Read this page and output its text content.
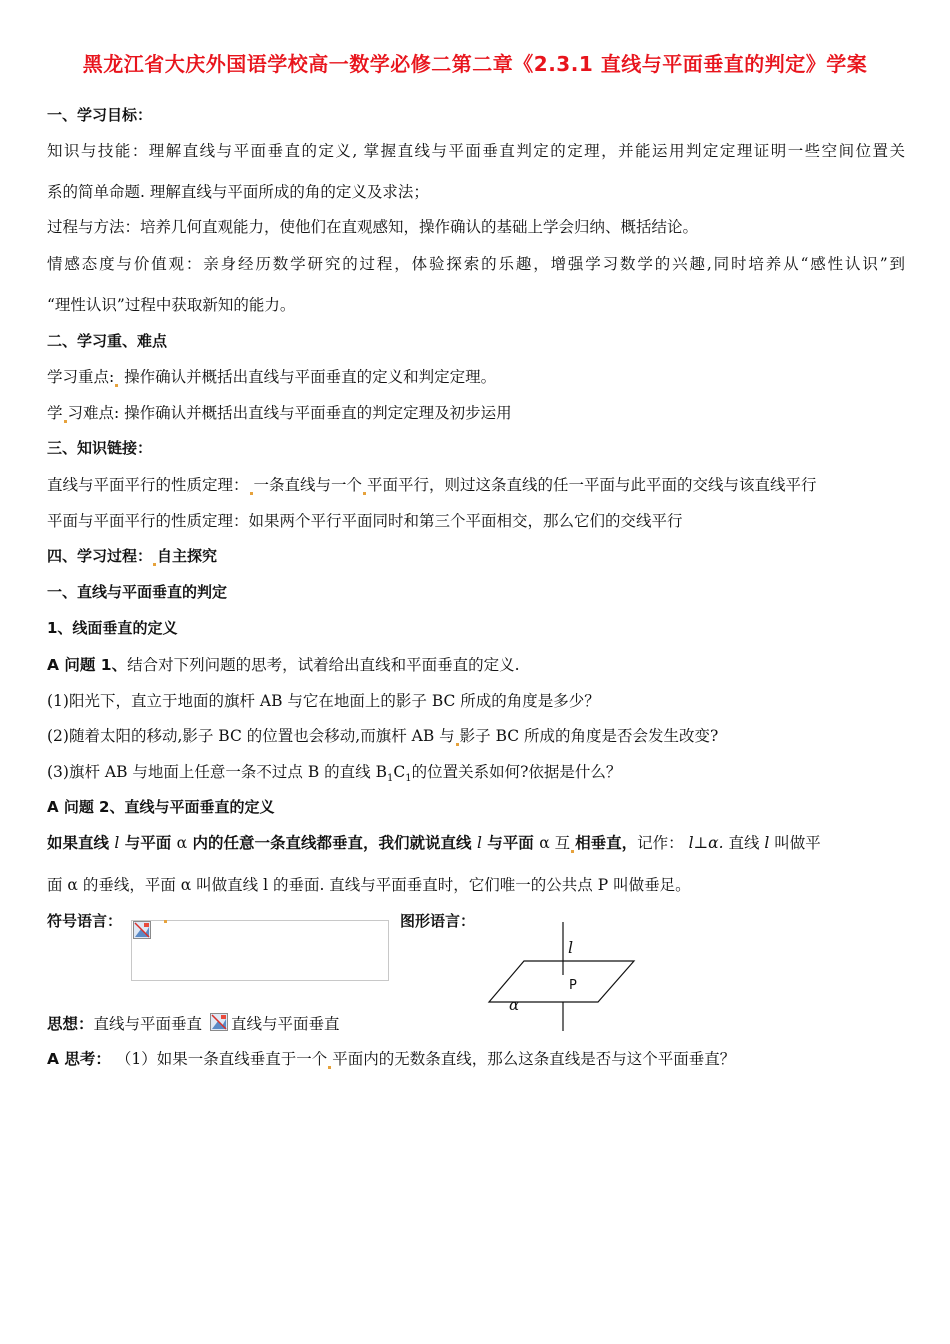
黑龙江省大庆外国语学校高一数学必修二第二章《2.3.1 直线与平面垂直的判定》学案
一、学习目标：
知识与技能：理解直线与平面垂直的定义, 掌握直线与平面垂直判定的定理，并能运用判定定理证明一些空间位置关
系的简单命题. 理解直线与平面所成的角的定义及求法；
过程与方法：培养几何直观能力，使他们在直观感知，操作确认的基础上学会归纳、概括结论。
情感态度与价值观：亲身经历数学研究的过程，体验探索的乐趣，增强学习数学的兴趣,同时培养从“感性认识”到
“理性认识”过程中获取新知的能力。
二、学习重、难点
学习重点: 操作确认并概括出直线与平面垂直的定义和判定定理。
学 习难点: 操作确认并概括出直线与平面垂直的判定定理及初步运用
三、知识链接：
直线与平面平行的性质定理： 一条直线与一个 平面平行，则过这条直线的任一平面与此平面的交线与该直线平行
平面与平面平行的性质定理：如果两个平行平面同时和第三个平面相交，那么它们的交线平行
四、学习过程： 自主探究
一、直线与平面垂直的判定
1、线面垂直的定义
A 问题 1、结合对下列问题的思考，试着给出直线和平面垂直的定义.
(1)阳光下，直立于地面的旗杆 AB 与它在地面上的影子 BC 所成的角度是多少？
(2)随着太阳的移动,影子 BC 的位置也会移动,而旗杆 AB 与 影子 BC 所成的角度是否会发生改变?
(3)旗杆 AB 与地面上任意一条不过点 B 的直线 $B_1C_1$的位置关系如何?依据是什么？
A 问题 2、直线与平面垂直的定义
如果直线 l 与平面 α 内的任意一条直线都垂直，我们就说直线 l 与平面 α 互 相垂直，记作： l⊥α. 直线 l 叫做平
面 α 的垂线，平面 α 叫做直线 l 的垂面. 直线与平面垂直时，它们唯一的公共点 P 叫做垂足。
符号语言：	图形语言：
l
P
α
思想：直线与平面垂直 直线与平面垂直
A 思考： （1）如果一条直线垂直于一个 平面内的无数条直线，那么这条直线是否与这个平面垂直？
